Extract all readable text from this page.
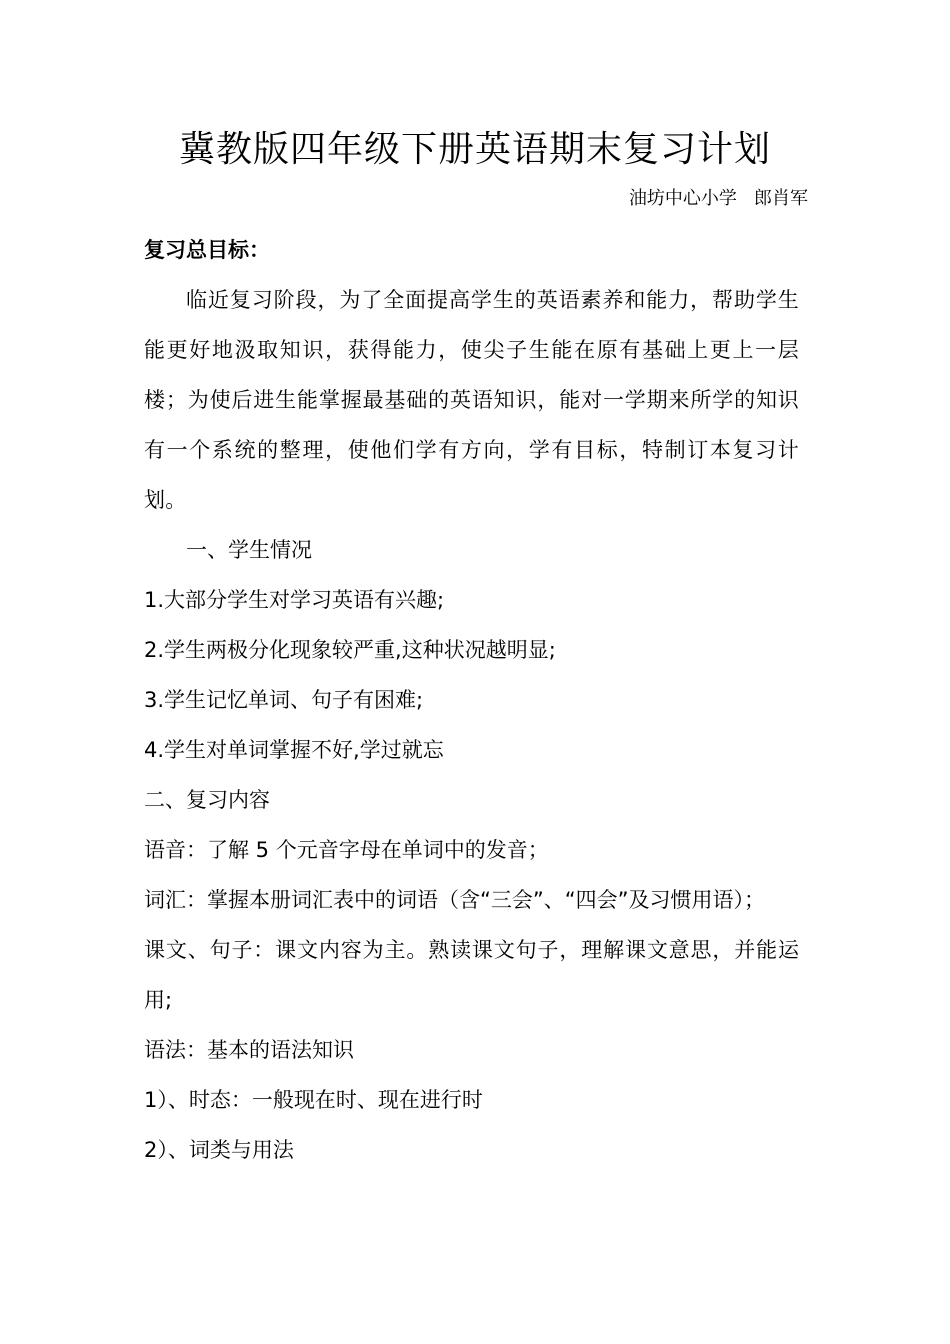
冀教版四年级下册英语期末复习计划
油坊中心小学   郎肖军
复习总目标：
临近复习阶段，为了全面提高学生的英语素养和能力，帮助学生能更好地汲取知识，获得能力，使尖子生能在原有基础上更上一层楼；为使后进生能掌握最基础的英语知识，能对一学期来所学的知识有一个系统的整理，使他们学有方向，学有目标，特制订本复习计划。
一、学生情况
1.大部分学生对学习英语有兴趣;
2.学生两极分化现象较严重,这种状况越明显;
3.学生记忆单词、句子有困难;
4.学生对单词掌握不好,学过就忘
二、复习内容
语音：了解 5 个元音字母在单词中的发音；
词汇：掌握本册词汇表中的词语（含“三会”、“四会”及习惯用语）；
课文、句子：课文内容为主。熟读课文句子，理解课文意思，并能运用;
语法：基本的语法知识
1）、时态：一般现在时、现在进行时
2）、词类与用法
